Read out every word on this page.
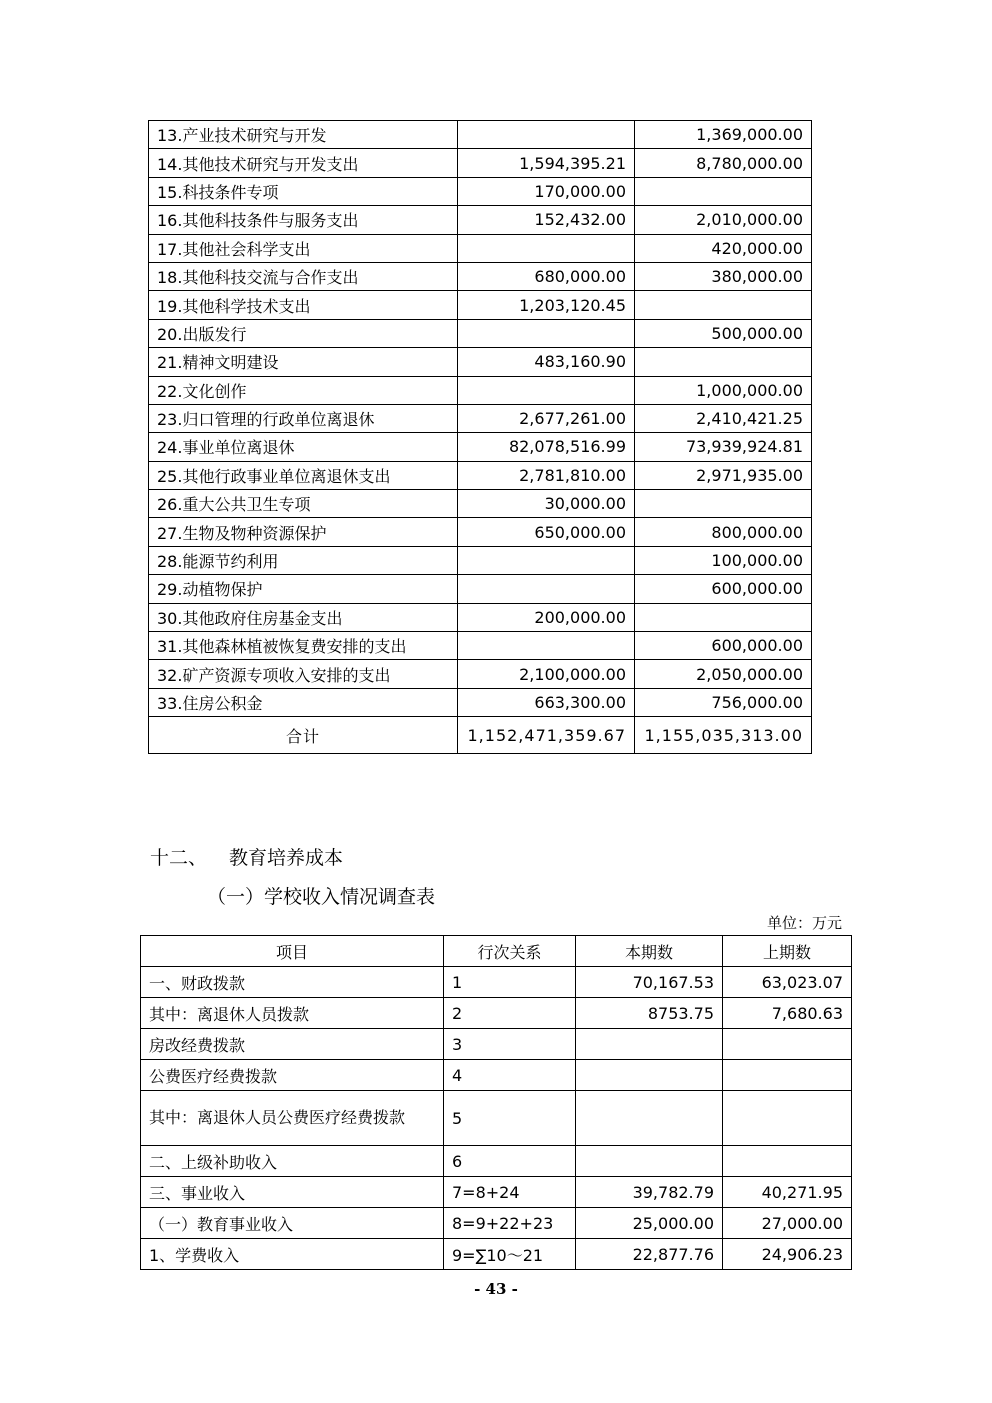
13.产业技术研究与开发		1,369,000.00
14.其他技术研究与开发支出	1,594,395.21	8,780,000.00
15.科技条件专项	170,000.00	
16.其他科技条件与服务支出	152,432.00	2,010,000.00
17.其他社会科学支出		420,000.00
18.其他科技交流与合作支出	680,000.00	380,000.00
19.其他科学技术支出	1,203,120.45	
20.出版发行		500,000.00
21.精神文明建设	483,160.90	
22.文化创作		1,000,000.00
23.归口管理的行政单位离退休	2,677,261.00	2,410,421.25
24.事业单位离退休	82,078,516.99	73,939,924.81
25.其他行政事业单位离退休支出	2,781,810.00	2,971,935.00
26.重大公共卫生专项	30,000.00	
27.生物及物种资源保护	650,000.00	800,000.00
28.能源节约利用		100,000.00
29.动植物保护		600,000.00
30.其他政府住房基金支出	200,000.00	
31.其他森林植被恢复费安排的支出		600,000.00
32.矿产资源专项收入安排的支出	2,100,000.00	2,050,000.00
33.住房公积金	663,300.00	756,000.00
合计	1,152,471,359.67	1,155,035,313.00
十二、 教育培养成本
（一）学校收入情况调查表
单位：万元
项目	行次关系	本期数	上期数
一、财政拨款	1	70,167.53	63,023.07
其中：离退休人员拨款	2	8753.75	7,680.63
房改经费拨款	3		
公费医疗经费拨款	4		
其中：离退休人员公费医疗经费拨款	5		
二、上级补助收入	6		
三、事业收入	7=8+24	39,782.79	40,271.95
（一）教育事业收入	8=9+22+23	25,000.00	27,000.00
1、学费收入	9=∑10～21	22,877.76	24,906.23
- 43 -
